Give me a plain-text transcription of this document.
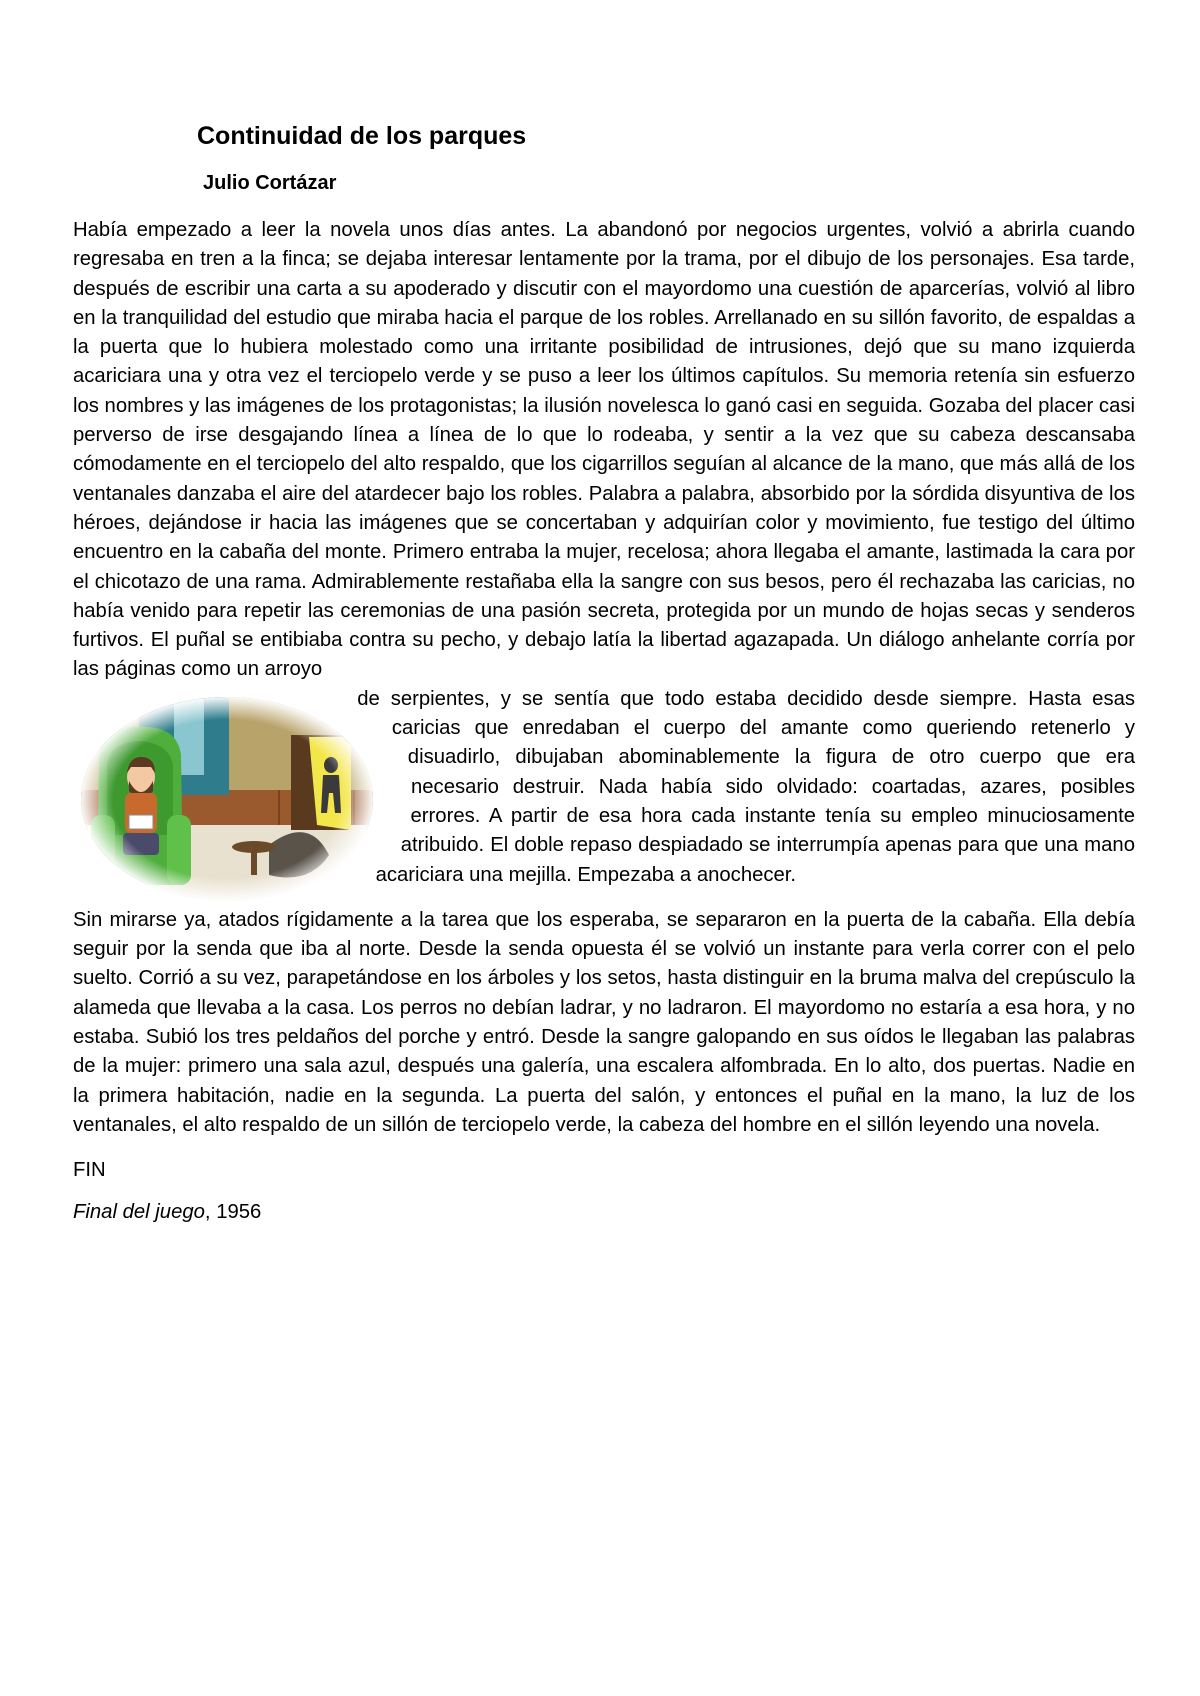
Continuidad de los parques
Julio Cortázar

Había empezado a leer la novela unos días antes. La abandonó por negocios urgentes, volvió a abrirla cuando regresaba en tren a la finca; se dejaba interesar lentamente por la trama, por el dibujo de los personajes. Esa tarde, después de escribir una carta a su apoderado y discutir con el mayordomo una cuestión de aparcerías, volvió al libro en la tranquilidad del estudio que miraba hacia el parque de los robles. Arrellanado en su sillón favorito, de espaldas a la puerta que lo hubiera molestado como una irritante posibilidad de intrusiones, dejó que su mano izquierda acariciara una y otra vez el terciopelo verde y se puso a leer los últimos capítulos. Su memoria retenía sin esfuerzo los nombres y las imágenes de los protagonistas; la ilusión novelesca lo ganó casi en seguida. Gozaba del placer casi perverso de irse desgajando línea a línea de lo que lo rodeaba, y sentir a la vez que su cabeza descansaba cómodamente en el terciopelo del alto respaldo, que los cigarrillos seguían al alcance de la mano, que más allá de los ventanales danzaba el aire del atardecer bajo los robles. Palabra a palabra, absorbido por la sórdida disyuntiva de los héroes, dejándose ir hacia las imágenes que se concertaban y adquirían color y movimiento, fue testigo del último encuentro en la cabaña del monte. Primero entraba la mujer, recelosa; ahora llegaba el amante, lastimada la cara por el chicotazo de una rama. Admirablemente restañaba ella la sangre con sus besos, pero él rechazaba las caricias, no había venido para repetir las ceremonias de una pasión secreta, protegida por un mundo de hojas secas y senderos furtivos. El puñal se entibiaba contra su pecho, y debajo latía la libertad agazapada. Un diálogo anhelante corría por las páginas como un arroyo

de serpientes, y se sentía que todo estaba decidido desde siempre. Hasta esas caricias que enredaban el cuerpo del amante como queriendo retenerlo y disuadirlo, dibujaban abominablemente la figura de otro cuerpo que era necesario destruir. Nada había sido olvidado: coartadas, azares, posibles errores. A partir de esa hora cada instante tenía su empleo minuciosamente atribuido. El doble repaso despiadado se interrumpía apenas para que una mano acariciara una mejilla. Empezaba a anochecer.

Sin mirarse ya, atados rígidamente a la tarea que los esperaba, se separaron en la puerta de la cabaña. Ella debía seguir por la senda que iba al norte. Desde la senda opuesta él se volvió un instante para verla correr con el pelo suelto. Corrió a su vez, parapetándose en los árboles y los setos, hasta distinguir en la bruma malva del crepúsculo la alameda que llevaba a la casa. Los perros no debían ladrar, y no ladraron. El mayordomo no estaría a esa hora, y no estaba. Subió los tres peldaños del porche y entró. Desde la sangre galopando en sus oídos le llegaban las palabras de la mujer: primero una sala azul, después una galería, una escalera alfombrada. En lo alto, dos puertas. Nadie en la primera habitación, nadie en la segunda. La puerta del salón, y entonces el puñal en la mano, la luz de los ventanales, el alto respaldo de un sillón de terciopelo verde, la cabeza del hombre en el sillón leyendo una novela.

FIN

Final del juego, 1956
